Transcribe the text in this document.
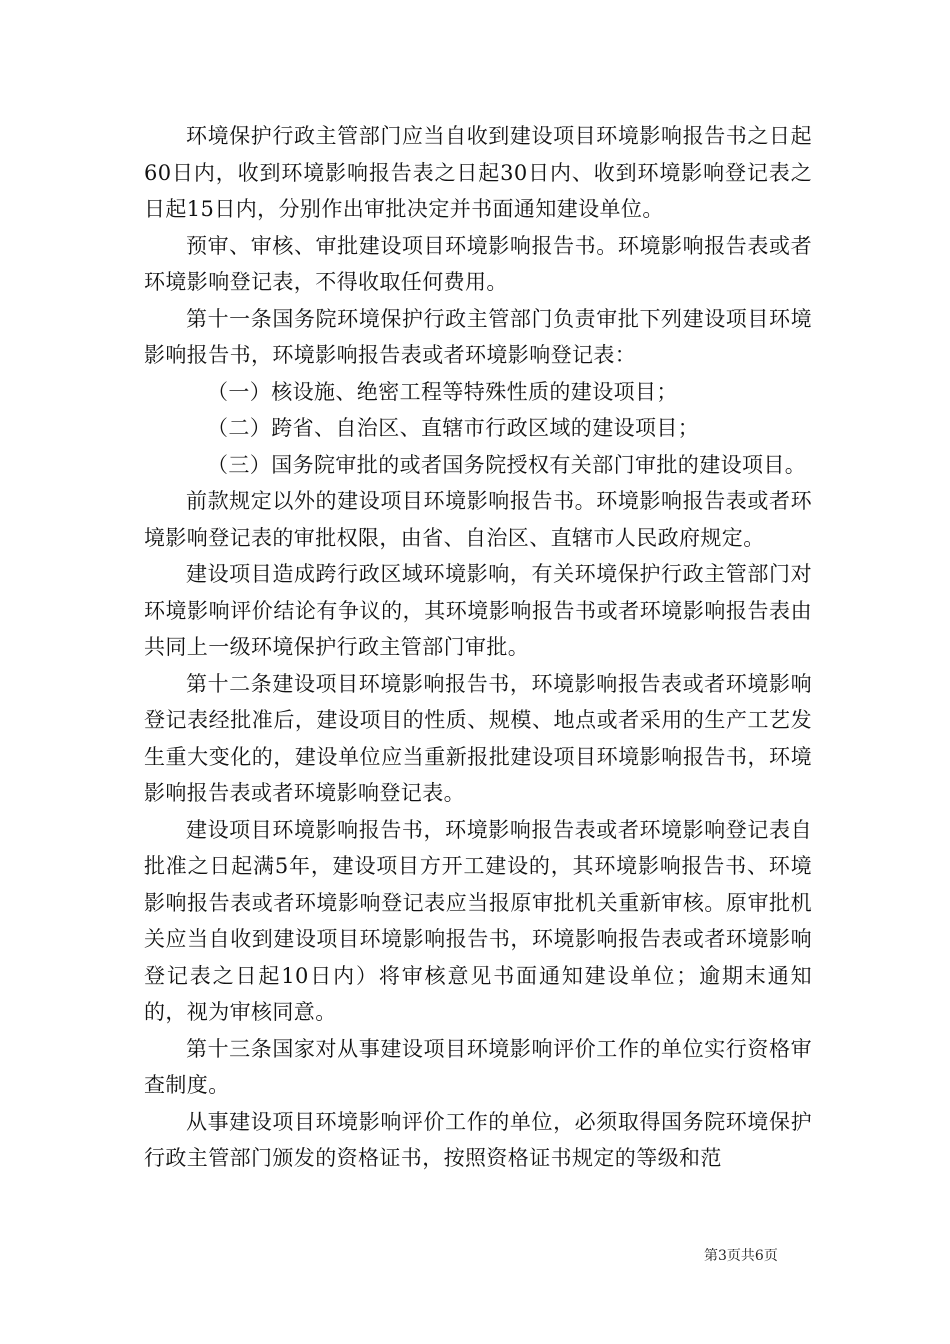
环境保护行政主管部门应当自收到建设项目环境影响报告书之日起60日内，收到环境影响报告表之日起30日内、收到环境影响登记表之日起15日内，分别作出审批决定并书面通知建设单位。

预审、审核、审批建设项目环境影响报告书。环境影响报告表或者环境影响登记表，不得收取任何费用。

第十一条国务院环境保护行政主管部门负责审批下列建设项目环境影响报告书，环境影响报告表或者环境影响登记表：

（一）核设施、绝密工程等特殊性质的建设项目；

（二）跨省、自治区、直辖市行政区域的建设项目；

（三）国务院审批的或者国务院授权有关部门审批的建设项目。

前款规定以外的建设项目环境影响报告书。环境影响报告表或者环境影响登记表的审批权限，由省、自治区、直辖市人民政府规定。

建设项目造成跨行政区域环境影响，有关环境保护行政主管部门对环境影响评价结论有争议的，其环境影响报告书或者环境影响报告表由共同上一级环境保护行政主管部门审批。

第十二条建设项目环境影响报告书，环境影响报告表或者环境影响登记表经批准后，建设项目的性质、规模、地点或者采用的生产工艺发生重大变化的，建设单位应当重新报批建设项目环境影响报告书，环境影响报告表或者环境影响登记表。

建设项目环境影响报告书，环境影响报告表或者环境影响登记表自批准之日起满5年，建设项目方开工建设的，其环境影响报告书、环境影响报告表或者环境影响登记表应当报原审批机关重新审核。原审批机关应当自收到建设项目环境影响报告书，环境影响报告表或者环境影响登记表之日起10日内）将审核意见书面通知建设单位；逾期末通知的，视为审核同意。

第十三条国家对从事建设项目环境影响评价工作的单位实行资格审查制度。

从事建设项目环境影响评价工作的单位，必须取得国务院环境保护行政主管部门颁发的资格证书，按照资格证书规定的等级和范

第3页共6页
